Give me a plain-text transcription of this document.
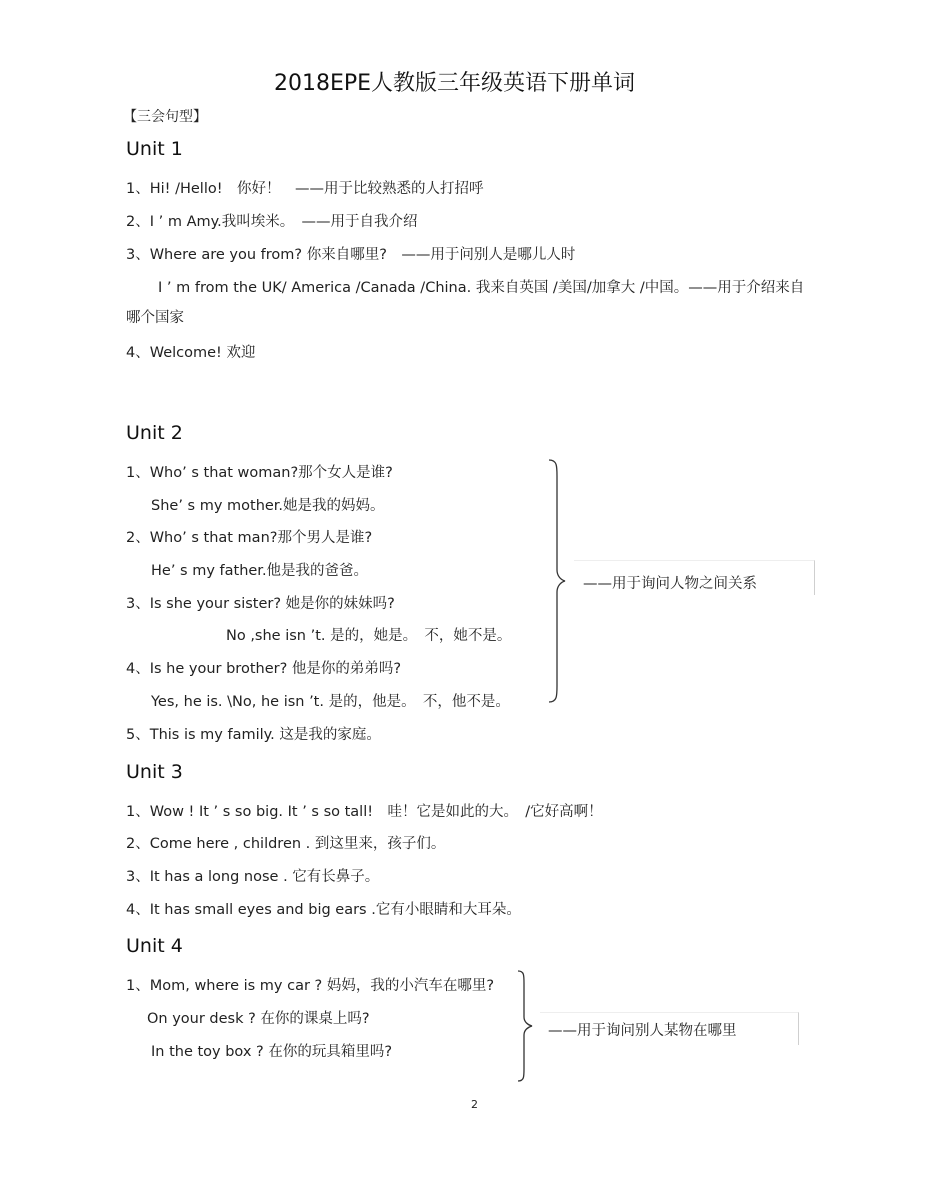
2018EPE人教版三年级英语下册单词
【三会句型】
Unit 1
1、Hi! /Hello!　你好！　——用于比较熟悉的人打招呼
2、I ’ m Amy.我叫埃米。　——用于自我介绍
3、Where are you from? 你来自哪里?　——用于问别人是哪儿人时
I ’ m from the UK/ America /Canada /China. 我来自英国 /美国/加拿大 /中国。——用于介绍来自
哪个国家
4、Welcome! 欢迎
Unit 2
1、Who’ s that woman?那个女人是谁?
She’ s my mother.她是我的妈妈。
2、Who’ s that man?那个男人是谁?
He’ s my father.他是我的爸爸。
3、Is she your sister? 她是你的妹妹吗?
No ,she isn ’t. 是的，她是。　不，她不是。
4、Is he your brother? 他是你的弟弟吗?
Yes, he is. \No, he isn ’t. 是的，他是。　不，他不是。
5、This is my family. 这是我的家庭。
——用于询问人物之间关系
Unit 3
1、Wow ! It ’ s so big. It ’ s so tall!　哇！它是如此的大。　/它好高啊！
2、Come here , children . 到这里来，孩子们。
3、It has a long nose . 它有长鼻子。
4、It has small eyes and big ears .它有小眼睛和大耳朵。
Unit 4
1、Mom, where is my car ? 妈妈，我的小汽车在哪里?
On your desk ? 在你的课桌上吗?
In the toy box ? 在你的玩具箱里吗?
——用于询问别人某物在哪里
2
